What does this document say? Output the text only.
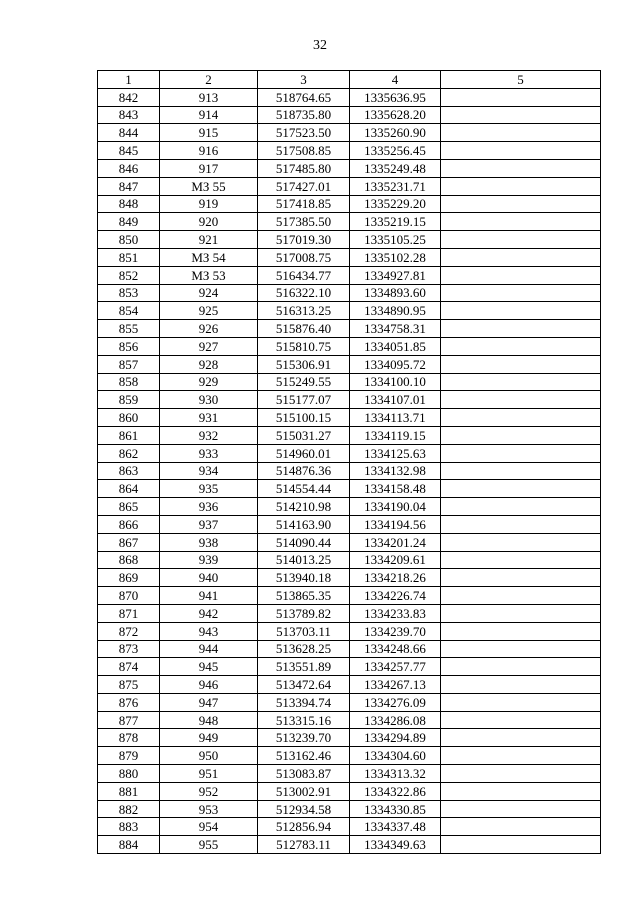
32
1	2	3	4	5
842	913	518764.65	1335636.95	
843	914	518735.80	1335628.20	
844	915	517523.50	1335260.90	
845	916	517508.85	1335256.45	
846	917	517485.80	1335249.48	
847	МЗ 55	517427.01	1335231.71	
848	919	517418.85	1335229.20	
849	920	517385.50	1335219.15	
850	921	517019.30	1335105.25	
851	МЗ 54	517008.75	1335102.28	
852	МЗ 53	516434.77	1334927.81	
853	924	516322.10	1334893.60	
854	925	516313.25	1334890.95	
855	926	515876.40	1334758.31	
856	927	515810.75	1334051.85	
857	928	515306.91	1334095.72	
858	929	515249.55	1334100.10	
859	930	515177.07	1334107.01	
860	931	515100.15	1334113.71	
861	932	515031.27	1334119.15	
862	933	514960.01	1334125.63	
863	934	514876.36	1334132.98	
864	935	514554.44	1334158.48	
865	936	514210.98	1334190.04	
866	937	514163.90	1334194.56	
867	938	514090.44	1334201.24	
868	939	514013.25	1334209.61	
869	940	513940.18	1334218.26	
870	941	513865.35	1334226.74	
871	942	513789.82	1334233.83	
872	943	513703.11	1334239.70	
873	944	513628.25	1334248.66	
874	945	513551.89	1334257.77	
875	946	513472.64	1334267.13	
876	947	513394.74	1334276.09	
877	948	513315.16	1334286.08	
878	949	513239.70	1334294.89	
879	950	513162.46	1334304.60	
880	951	513083.87	1334313.32	
881	952	513002.91	1334322.86	
882	953	512934.58	1334330.85	
883	954	512856.94	1334337.48	
884	955	512783.11	1334349.63	
